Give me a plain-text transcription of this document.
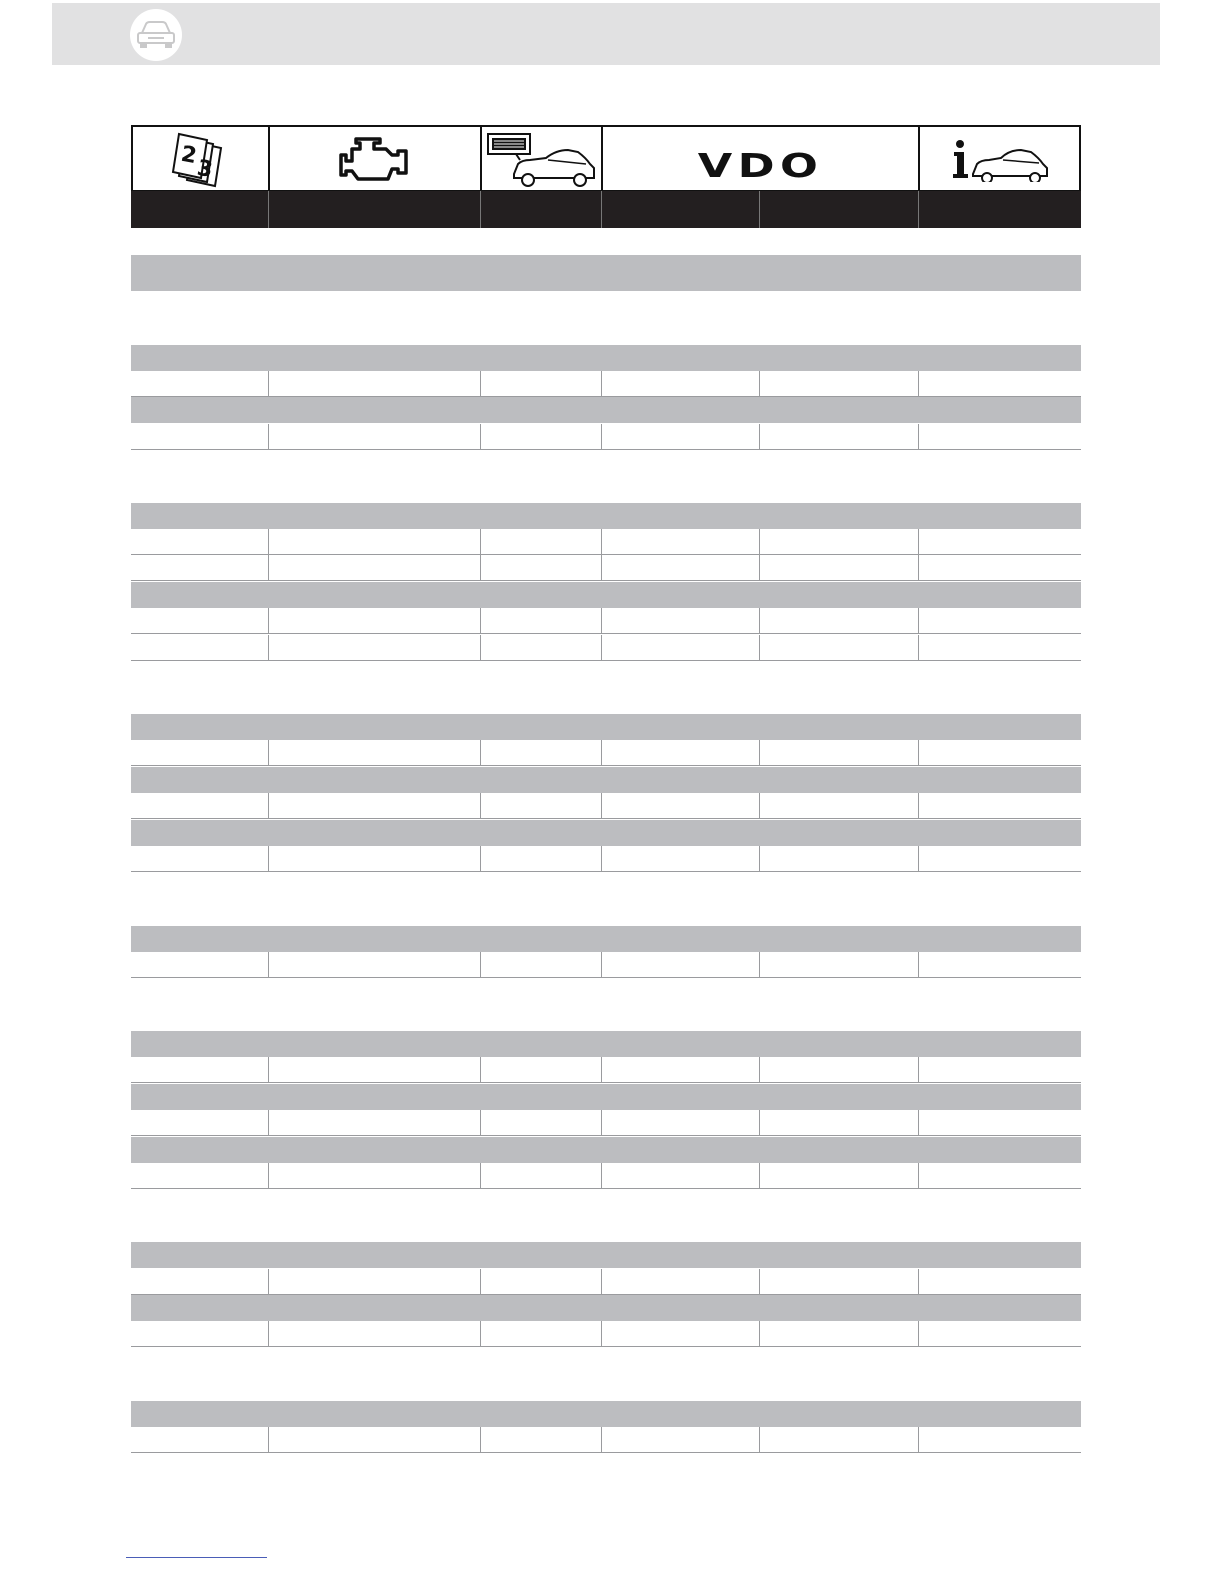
2
3	VDO
